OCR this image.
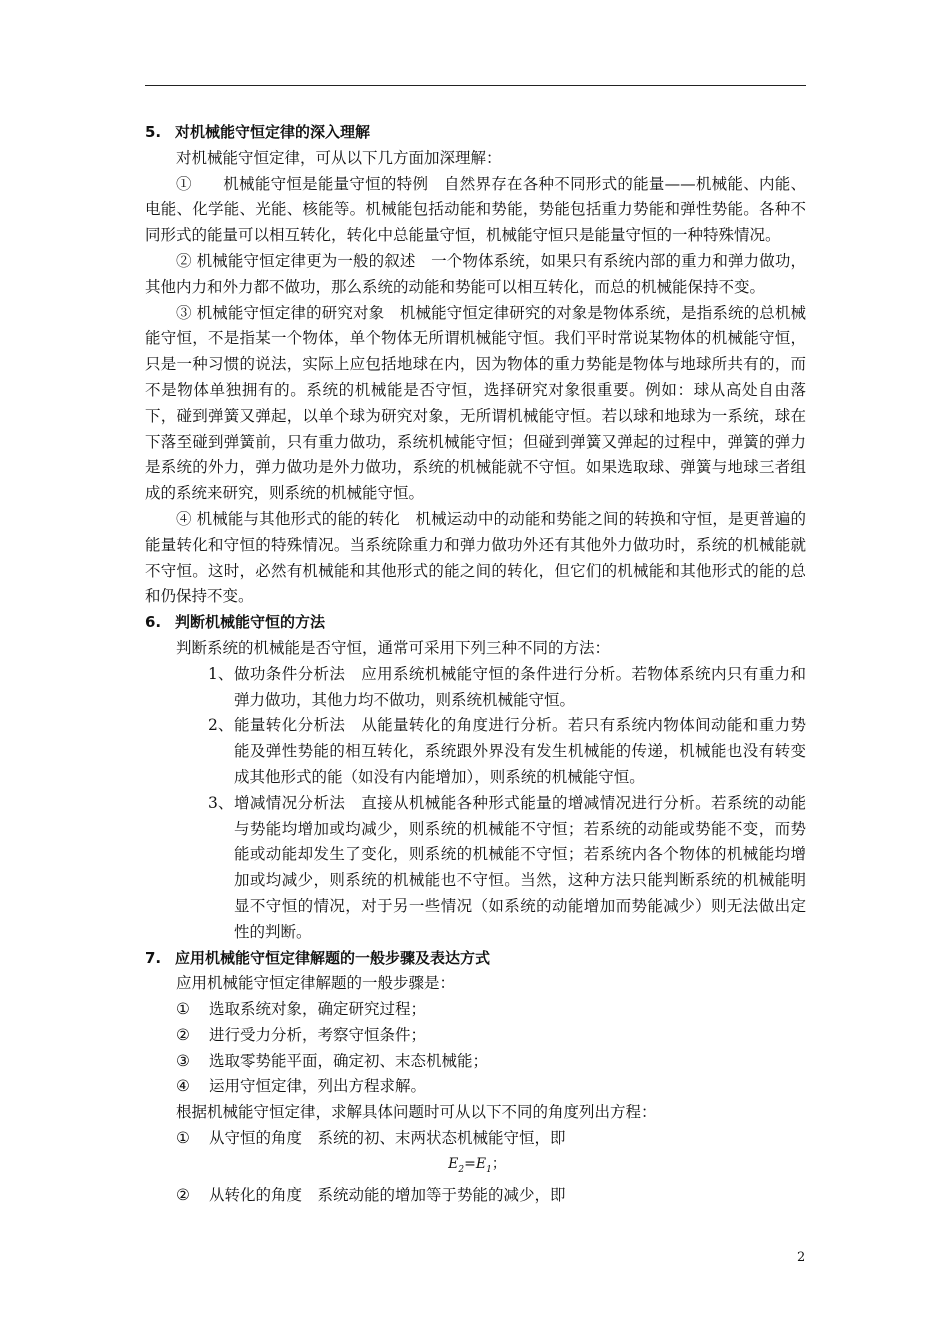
5. 对机械能守恒定律的深入理解

对机械能守恒定律，可从以下几方面加深理解：

①　　机械能守恒是能量守恒的特例　自然界存在各种不同形式的能量——机械能、内能、电能、化学能、光能、核能等。机械能包括动能和势能，势能包括重力势能和弹性势能。各种不同形式的能量可以相互转化，转化中总能量守恒，机械能守恒只是能量守恒的一种特殊情况。

② 机械能守恒定律更为一般的叙述　一个物体系统，如果只有系统内部的重力和弹力做功，其他内力和外力都不做功，那么系统的动能和势能可以相互转化，而总的机械能保持不变。

③ 机械能守恒定律的研究对象　机械能守恒定律研究的对象是物体系统，是指系统的总机械能守恒，不是指某一个物体，单个物体无所谓机械能守恒。我们平时常说某物体的机械能守恒，只是一种习惯的说法，实际上应包括地球在内，因为物体的重力势能是物体与地球所共有的，而不是物体单独拥有的。系统的机械能是否守恒，选择研究对象很重要。例如：球从高处自由落下，碰到弹簧又弹起，以单个球为研究对象，无所谓机械能守恒。若以球和地球为一系统，球在下落至碰到弹簧前，只有重力做功，系统机械能守恒；但碰到弹簧又弹起的过程中，弹簧的弹力是系统的外力，弹力做功是外力做功，系统的机械能就不守恒。如果选取球、弹簧与地球三者组成的系统来研究，则系统的机械能守恒。

④ 机械能与其他形式的能的转化　机械运动中的动能和势能之间的转换和守恒，是更普遍的能量转化和守恒的特殊情况。当系统除重力和弹力做功外还有其他外力做功时，系统的机械能就不守恒。这时，必然有机械能和其他形式的能之间的转化，但它们的机械能和其他形式的能的总和仍保持不变。

6. 判断机械能守恒的方法

判断系统的机械能是否守恒，通常可采用下列三种不同的方法：

1、 做功条件分析法　应用系统机械能守恒的条件进行分析。若物体系统内只有重力和弹力做功，其他力均不做功，则系统机械能守恒。
2、 能量转化分析法　从能量转化的角度进行分析。若只有系统内物体间动能和重力势能及弹性势能的相互转化，系统跟外界没有发生机械能的传递，机械能也没有转变成其他形式的能（如没有内能增加），则系统的机械能守恒。
3、 增减情况分析法　直接从机械能各种形式能量的增减情况进行分析。若系统的动能与势能均增加或均减少，则系统的机械能不守恒；若系统的动能或势能不变，而势能或动能却发生了变化，则系统的机械能不守恒；若系统内各个物体的机械能均增加或均减少，则系统的机械能也不守恒。当然，这种方法只能判断系统的机械能明显不守恒的情况，对于另一些情况（如系统的动能增加而势能减少）则无法做出定性的判断。

7. 应用机械能守恒定律解题的一般步骤及表达方式

应用机械能守恒定律解题的一般步骤是：

①	选取系统对象，确定研究过程；
②	进行受力分析，考察守恒条件；
③	选取零势能平面，确定初、末态机械能；
④	运用守恒定律，列出方程求解。

根据机械能守恒定律，求解具体问题时可从以下不同的角度列出方程：

①	从守恒的角度　系统的初、末两状态机械能守恒，即

$E_2=E_1$；

②	从转化的角度　系统动能的增加等于势能的减少，即
2
